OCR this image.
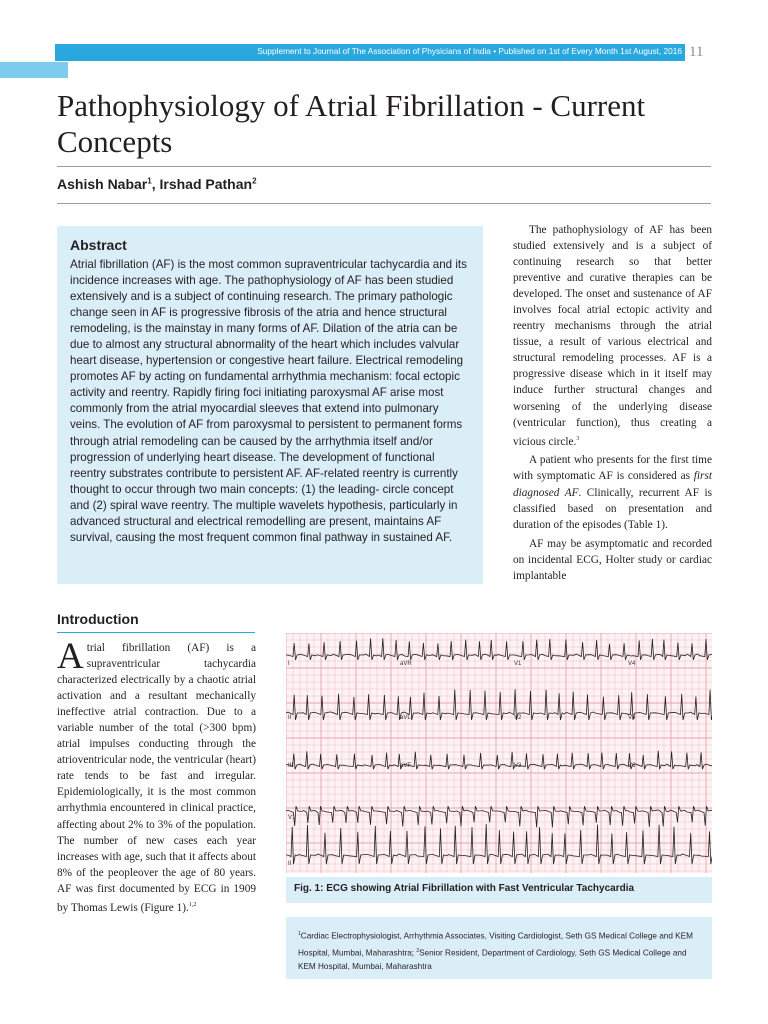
Supplement to Journal of The Association of Physicians of India • Published on 1st of Every Month 1st August, 2016 11
Pathophysiology of Atrial Fibrillation - Current Concepts
Ashish Nabar$^1$, Irshad Pathan$^2$
Abstract

Atrial fibrillation (AF) is the most common supraventricular tachycardia and its incidence increases with age. The pathophysiology of AF has been studied extensively and is a subject of continuing research. The primary pathologic change seen in AF is progressive fibrosis of the atria and hence structural remodeling, is the mainstay in many forms of AF. Dilation of the atria can be due to almost any structural abnormality of the heart which includes valvular heart disease, hypertension or congestive heart failure. Electrical remodeling promotes AF by acting on fundamental arrhythmia mechanism: focal ectopic activity and reentry. Rapidly firing foci initiating paroxysmal AF arise most commonly from the atrial myocardial sleeves that extend into pulmonary veins. The evolution of AF from paroxysmal to persistent to permanent forms through atrial remodeling can be caused by the arrhythmia itself and/or progression of underlying heart disease. The development of functional reentry substrates contribute to persistent AF. AF-related reentry is currently thought to occur through two main concepts: (1) the leading- circle concept and (2) spiral wave reentry. The multiple wavelets hypothesis, particularly in advanced structural and electrical remodelling are present, maintains AF survival, causing the most frequent common final pathway in sustained AF.

The pathophysiology of AF has been studied extensively and is a subject of continuing research so that better preventive and curative therapies can be developed. The onset and sustenance of AF involves focal atrial ectopic activity and reentry mechanisms through the atrial tissue, a result of various electrical and structural remodeling processes. AF is a progressive disease which in it itself may induce further structural changes and worsening of the underlying disease (ventricular function), thus creating a vicious circle.$^3$

A patient who presents for the first time with symptomatic AF is considered as first diagnosed AF. Clinically, recurrent AF is classified based on presentation and duration of the episodes (Table 1).

AF may be asymptomatic and recorded on incidental ECG, Holter study or cardiac implantable

Introduction

Atrial fibrillation (AF) is a supraventricular tachycardia characterized electrically by a chaotic atrial activation and a resultant mechanically ineffective atrial contraction. Due to a variable number of the total (>300 bpm) atrial impulses conducting through the atrioventricular node, the ventricular (heart) rate tends to be fast and irregular. Epidemiologically, it is the most common arrhythmia encountered in clinical practice, affecting about 2% to 3% of the population. The number of new cases each year increases with age, such that it affects about 8% of the peopleover the age of 80 years. AF was first documented by ECG in 1909 by Thomas Lewis (Figure 1).$^{1,2}$

I	aVR	V1	V4
II	aVL	V2	V5
III	aVF	V3	V6
V1
II
Fig. 1: ECG showing Atrial Fibrillation with Fast Ventricular Tachycardia
$^1$Cardiac Electrophysiologist, Arrhythmia Associates, Visiting Cardiologist, Seth GS Medical College and KEM Hospital, Mumbai, Maharashtra; $^2$Senior Resident, Department of Cardiology, Seth GS Medical College and KEM Hospital, Mumbai, Maharashtra
